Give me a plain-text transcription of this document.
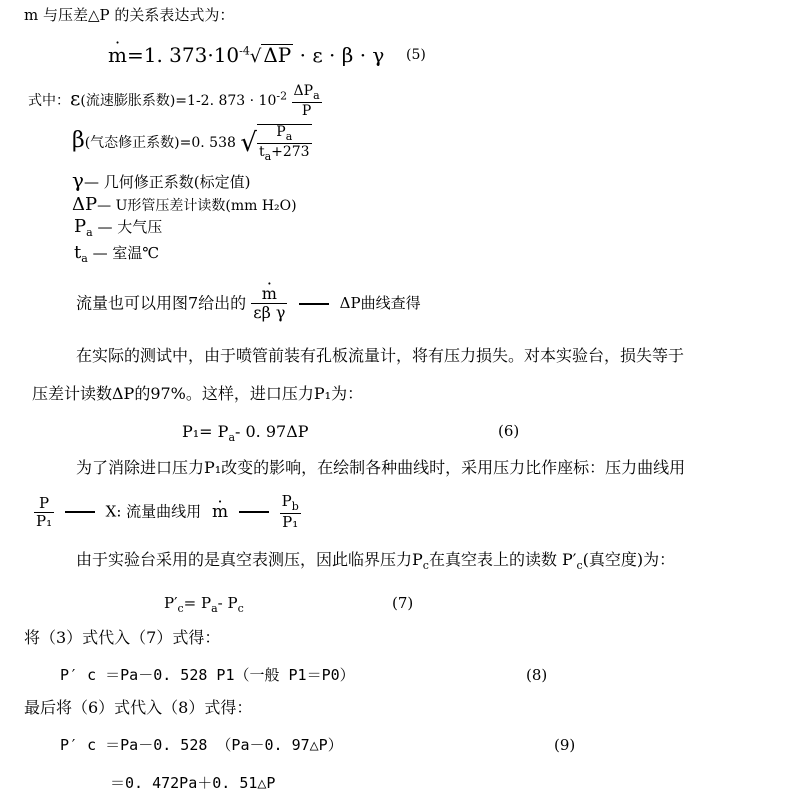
m 与压差△P 的关系表达式为：
· m=1. $373\cdot 10^{-4}√$ ΔP · ε · β · γ (5)
式中：ε(流速膨胀系数)=1-2. $873 \cdot 10^{-2} \frac{\Delta P_a}{P}$
β(气态修正系数)=0. 538 √ $\frac{P_a}{t_a+273}$
γ— 几何修正系数(标定值)
ΔP— U形管压差计读数(mm H₂O)
$P_a$ — 大气压
$t_a$ — 室温℃
流量也可以用图7给出的 · $\frac{m}{\text{εβ γ}}$	ΔP曲线查得
在实际的测试中，由于喷管前装有孔板流量计，将有压力损失。对本实验台，损失等于
压差计读数ΔP的97%。这样，进口压力P₁为：
$P_1= P_a-$ 0. 97ΔP	(6)
为了消除进口压力P₁改变的影响，在绘制各种曲线时，采用压力比作座标：压力曲线用
$\frac{P}{\text{P₁}}$	X: 流量曲线用 · m	$\frac{P_b}{\text{P₁}}$
由于实验台采用的是真空表测压，因此临界压力$P_c$在真空表上的读数 $P'_c$(真空度)为：
$P'_c= P_a-$ $P_c$	(7)
将（3）式代入（7）式得：
P′ c ＝Pa－0. 528 P1（一般 P1＝P0）	(8)
最后将（6）式代入（8）式得：
P′ c ＝Pa－0. 528 （Pa－0. 97△P）	(9)
＝0. 472Pa＋0. 51△P
